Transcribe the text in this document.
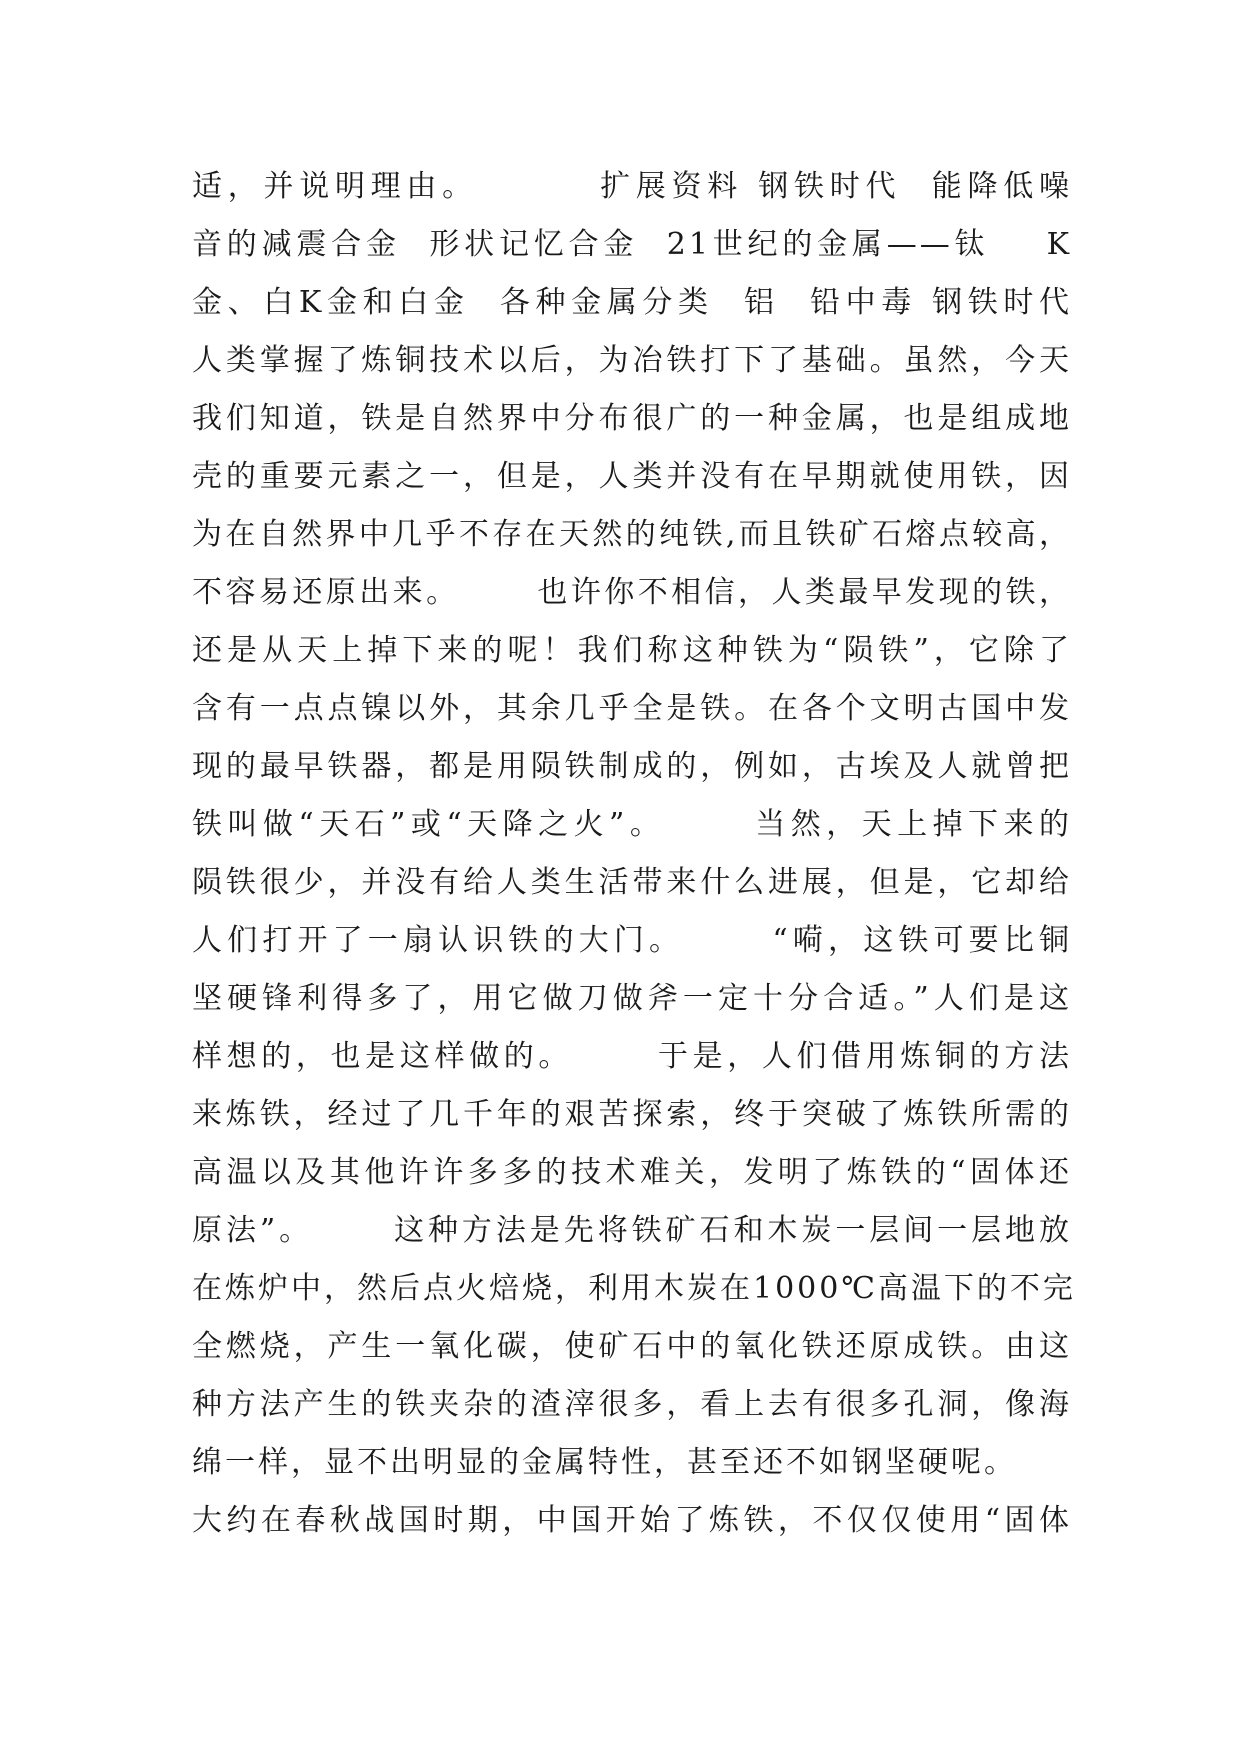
适，并说明理由。        扩展资料 钢铁时代  能降低噪
音的减震合金  形状记忆合金  21世纪的金属——钛    K
金、白K金和白金  各种金属分类  铝  铅中毒 钢铁时代
人类掌握了炼铜技术以后，为冶铁打下了基础。虽然，今天
我们知道，铁是自然界中分布很广的一种金属，也是组成地
壳的重要元素之一，但是，人类并没有在早期就使用铁，因
为在自然界中几乎不存在天然的纯铁,而且铁矿石熔点较高，
不容易还原出来。      也许你不相信，人类最早发现的铁，
还是从天上掉下来的呢！我们称这种铁为“陨铁”，它除了
含有一点点镍以外，其余几乎全是铁。在各个文明古国中发
现的最早铁器，都是用陨铁制成的，例如，古埃及人就曾把
铁叫做“天石”或“天降之火”。      当然，天上掉下来的
陨铁很少，并没有给人类生活带来什么进展，但是，它却给
人们打开了一扇认识铁的大门。      “嗬，这铁可要比铜
坚硬锋利得多了，用它做刀做斧一定十分合适。”人们是这
样想的，也是这样做的。      于是，人们借用炼铜的方法
来炼铁，经过了几千年的艰苦探索，终于突破了炼铁所需的
高温以及其他许许多多的技术难关，发明了炼铁的“固体还
原法”。      这种方法是先将铁矿石和木炭一层间一层地放
在炼炉中，然后点火焙烧，利用木炭在1000℃高温下的不完
全燃烧，产生一氧化碳，使矿石中的氧化铁还原成铁。由这
种方法产生的铁夹杂的渣滓很多，看上去有很多孔洞，像海
绵一样，显不出明显的金属特性，甚至还不如钢坚硬呢。
大约在春秋战国时期，中国开始了炼铁，不仅仅使用“固体
